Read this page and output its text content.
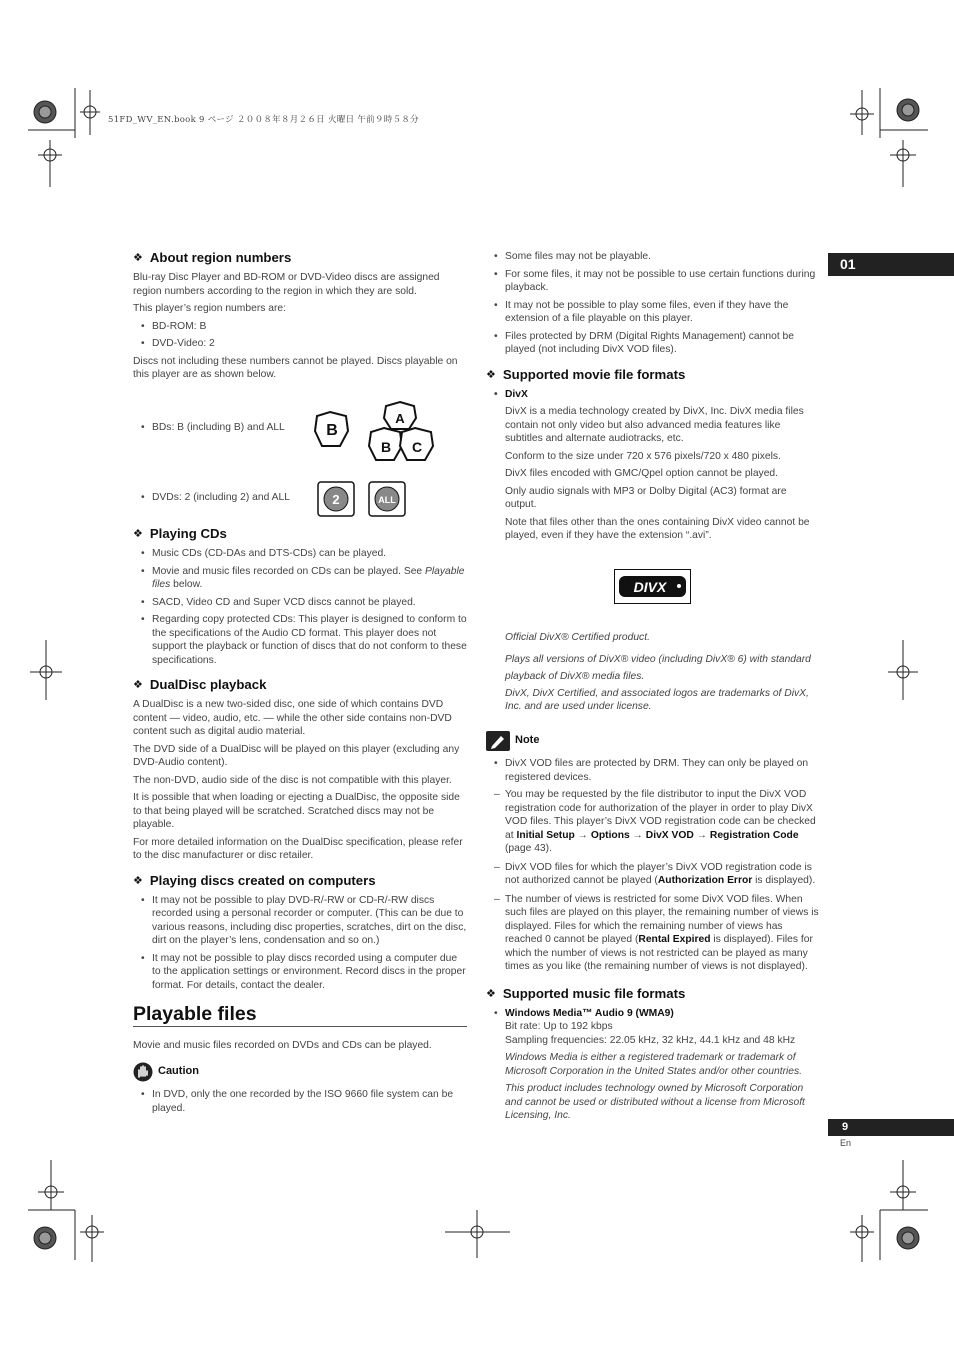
51FD_WV_EN.book 9 ページ ２００８年８月２６日 火曜日 午前９時５８分
01
9
En
❖ About region numbers

Blu-ray Disc Player and BD-ROM or DVD-Video discs are assigned region numbers according to the region in which they are sold.

This player’s region numbers are:

• BD-ROM: B
• DVD-Video: 2

Discs not including these numbers cannot be played. Discs playable on this player are as shown below.

• BDs: B (including B) and ALL
• DVDs: 2 (including 2) and ALL
B
A
B C
2	ALL
❖ Playing CDs
• Music CDs (CD-DAs and DTS-CDs) can be played.
• Movie and music files recorded on CDs can be played. See Playable files below.
• SACD, Video CD and Super VCD discs cannot be played.
• Regarding copy protected CDs: This player is designed to conform to the specifications of the Audio CD format. This player does not support the playback or function of discs that do not conform to these specifications.
❖ DualDisc playback

A DualDisc is a new two-sided disc, one side of which contains DVD content — video, audio, etc. — while the other side contains non-DVD content such as digital audio material.

The DVD side of a DualDisc will be played on this player (excluding any DVD-Audio content).

The non-DVD, audio side of the disc is not compatible with this player.

It is possible that when loading or ejecting a DualDisc, the opposite side to that being played will be scratched. Scratched discs may not be playable.

For more detailed information on the DualDisc specification, please refer to the disc manufacturer or disc retailer.

❖ Playing discs created on computers
• It may not be possible to play DVD-R/-RW or CD-R/-RW discs recorded using a personal recorder or computer. (This can be due to various reasons, including disc properties, scratches, dirt on the disc, dirt on the player’s lens, condensation and so on.)
• It may not be possible to play discs recorded using a computer due to the application settings or environment. Record discs in the proper format. For details, contact the dealer.
Playable files

Movie and music files recorded on DVDs and CDs can be played.

Caution
• In DVD, only the one recorded by the ISO 9660 file system can be played.
• Some files may not be playable.
• For some files, it may not be possible to use certain functions during playback.
• It may not be possible to play some files, even if they have the extension of a file playable on this player.
• Files protected by DRM (Digital Rights Management) cannot be played (not including DivX VOD files).
❖ Supported movie file formats
• DivX

DivX is a media technology created by DivX, Inc. DivX media files contain not only video but also advanced media features like subtitles and alternate audiotracks, etc.

Conform to the size under 720 x 576 pixels/720 x 480 pixels.

DivX files encoded with GMC/Qpel option cannot be played.

Only audio signals with MP3 or Dolby Digital (AC3) format are output.

Note that files other than the ones containing DivX video cannot be played, even if they have the extension “.avi”.

DIVX

Official DivX® Certified product.

Plays all versions of DivX® video (including DivX® 6) with standard playback of DivX® media files.

DivX, DivX Certified, and associated logos are trademarks of DivX, Inc. and are used under license.

Note
• DivX VOD files are protected by DRM. They can only be played on registered devices.
– You may be requested by the file distributor to input the DivX VOD registration code for authorization of the player in order to play DivX VOD files. This player’s DivX VOD registration code can be checked at Initial Setup → Options → DivX VOD → Registration Code (page 43).
– DivX VOD files for which the player’s DivX VOD registration code is not authorized cannot be played (Authorization Error is displayed).
– The number of views is restricted for some DivX VOD files. When such files are played on this player, the remaining number of views is displayed. Files for which the remaining number of views has reached 0 cannot be played (Rental Expired is displayed). Files for which the number of views is not restricted can be played as many times as you like (the remaining number of views is not displayed).
❖ Supported music file formats
• Windows Media™ Audio 9 (WMA9)
Bit rate: Up to 192 kbps
Sampling frequencies: 22.05 kHz, 32 kHz, 44.1 kHz and 48 kHz

Windows Media is either a registered trademark or trademark of Microsoft Corporation in the United States and/or other countries.

This product includes technology owned by Microsoft Corporation and cannot be used or distributed without a license from Microsoft Licensing, Inc.
